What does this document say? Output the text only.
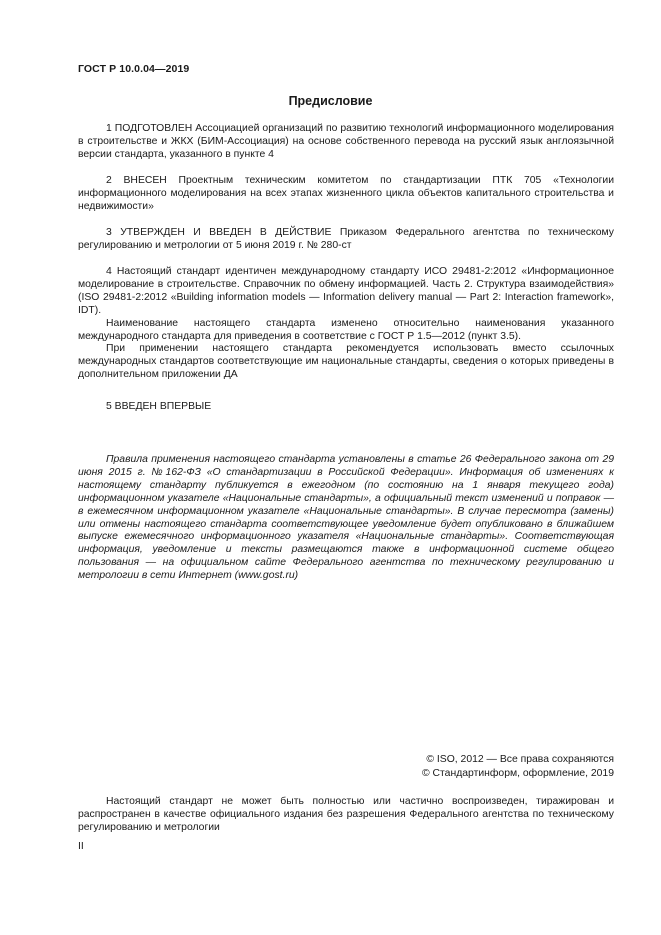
ГОСТ Р 10.0.04—2019
Предисловие

1 ПОДГОТОВЛЕН Ассоциацией организаций по развитию технологий информационного моделирования в строительстве и ЖКХ (БИМ-Ассоциация) на основе собственного перевода на русский язык англоязычной версии стандарта, указанного в пункте 4

2 ВНЕСЕН Проектным техническим комитетом по стандартизации ПТК 705 «Технологии информационного моделирования на всех этапах жизненного цикла объектов капитального строительства и недвижимости»

3 УТВЕРЖДЕН И ВВЕДЕН В ДЕЙСТВИЕ Приказом Федерального агентства по техническому регулированию и метрологии от 5 июня 2019 г. № 280-ст

4 Настоящий стандарт идентичен международному стандарту ИСО 29481-2:2012 «Информационное моделирование в строительстве. Справочник по обмену информацией. Часть 2. Структура взаимодействия» (ISO 29481-2:2012 «Building information models — Information delivery manual — Part 2: Interaction framework», IDT).

Наименование настоящего стандарта изменено относительно наименования указанного международного стандарта для приведения в соответствие с ГОСТ Р 1.5—2012 (пункт 3.5).

При применении настоящего стандарта рекомендуется использовать вместо ссылочных международных стандартов соответствующие им национальные стандарты, сведения о которых приведены в дополнительном приложении ДА

5 ВВЕДЕН ВПЕРВЫЕ

Правила применения настоящего стандарта установлены в статье 26 Федерального закона от 29 июня 2015 г. №162-ФЗ «О стандартизации в Российской Федерации». Информация об изменениях к настоящему стандарту публикуется в ежегодном (по состоянию на 1 января текущего года) информационном указателе «Национальные стандарты», а официальный текст изменений и поправок — в ежемесячном информационном указателе «Национальные стандарты». В случае пересмотра (замены) или отмены настоящего стандарта соответствующее уведомление будет опубликовано в ближайшем выпуске ежемесячного информационного указателя «Национальные стандарты». Соответствующая информация, уведомление и тексты размещаются также в информационной системе общего пользования — на официальном сайте Федерального агентства по техническому регулированию и метрологии в сети Интернет (www.gost.ru)

© ISO, 2012 — Все права сохраняются
© Стандартинформ, оформление, 2019

Настоящий стандарт не может быть полностью или частично воспроизведен, тиражирован и распространен в качестве официального издания без разрешения Федерального агентства по техническому регулированию и метрологии

II
